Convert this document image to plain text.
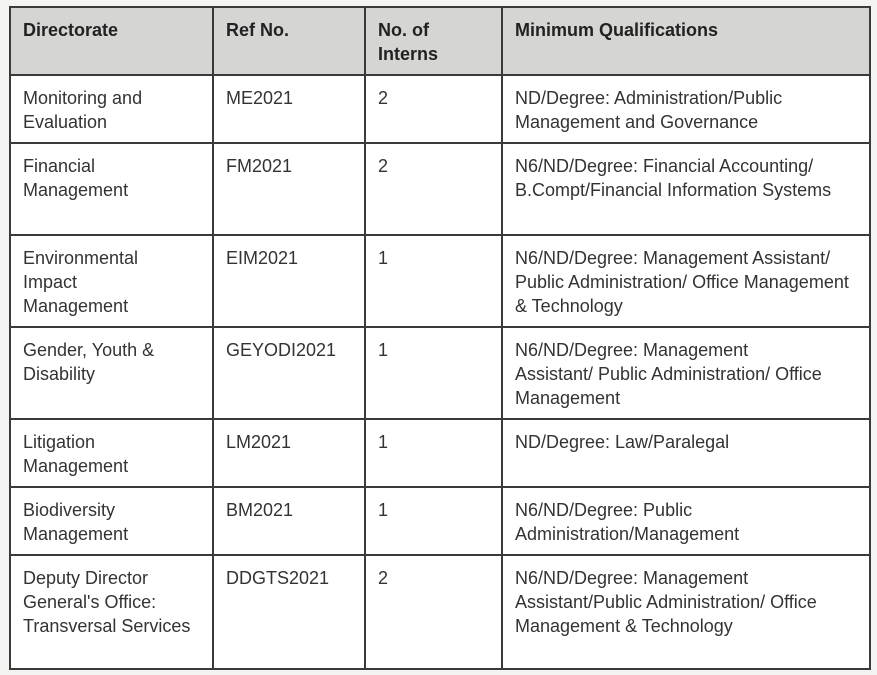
Directorate	Ref No.	No. of Interns	Minimum Qualifications
Monitoring and Evaluation	ME2021	2	ND/Degree: Administration/Public Management and Governance
Financial Management	FM2021	2	N6/ND/Degree: Financial Accounting/ B.Compt/Financial Information Systems
Environmental Impact Management	EIM2021	1	N6/ND/Degree: Management Assistant/ Public Administration/ Office Management & Technology
Gender, Youth & Disability	GEYODI2021	1	N6/ND/Degree: Management Assistant/ Public Administration/ Office Management
Litigation Management	LM2021	1	ND/Degree: Law/Paralegal
Biodiversity Management	BM2021	1	N6/ND/Degree: Public Administration/Management
Deputy Director General's Office: Transversal Services	DDGTS2021	2	N6/ND/Degree: Management Assistant/Public Administration/ Office Management & Technology
